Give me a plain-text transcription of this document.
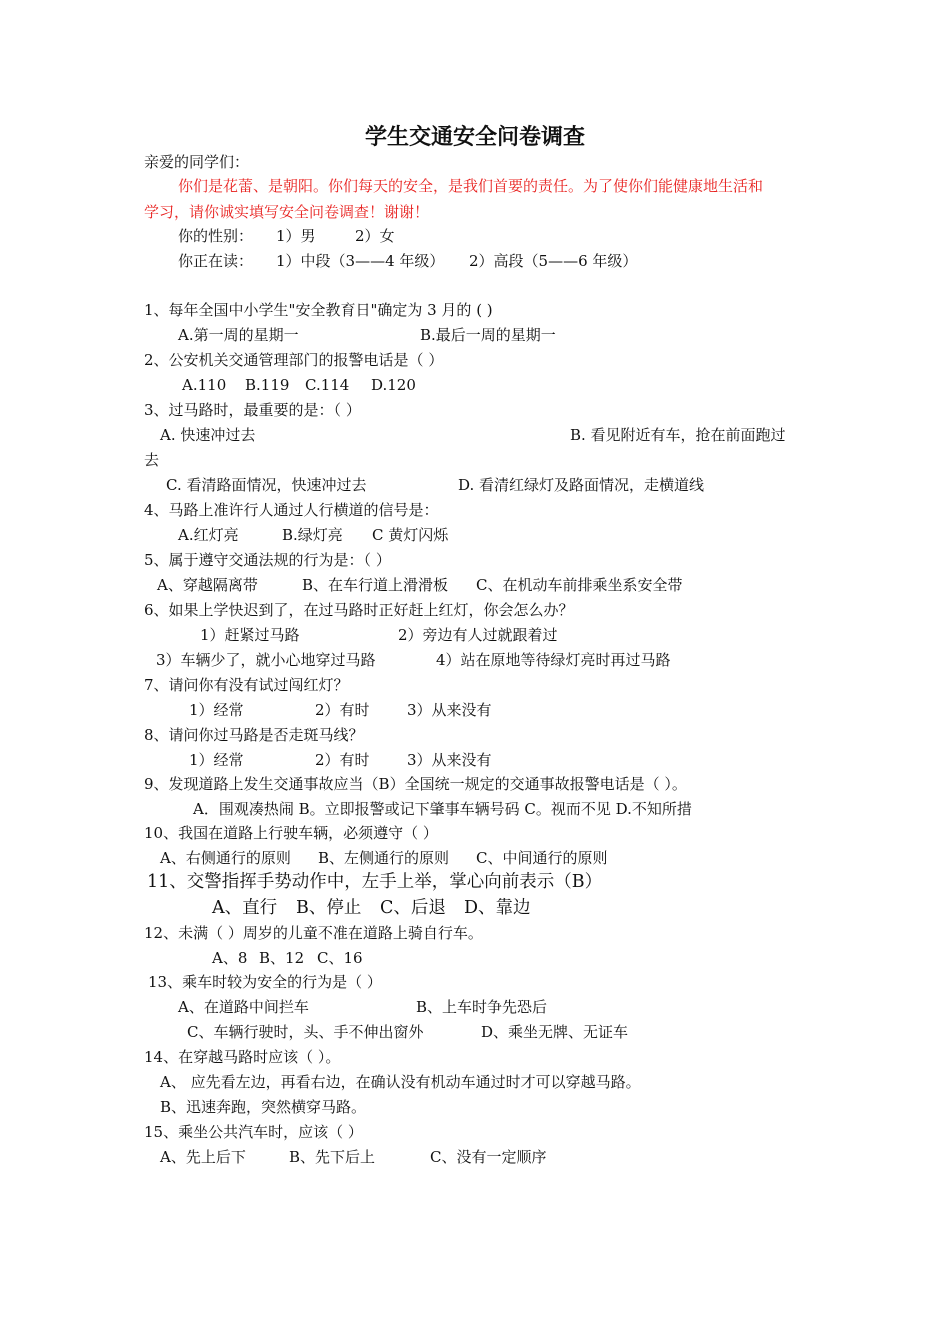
学生交通安全问卷调查
亲爱的同学们：
你们是花蕾、是朝阳。你们每天的安全，是我们首要的责任。为了使你们能健康地生活和
学习，请你诚实填写安全问卷调查！谢谢！
你的性别： 1）男	2）女
你正在读： 1）中段（3——4 年级） 2）高段（5——6 年级）
1、每年全国中小学生"安全教育日"确定为 3 月的 ( )
A.第一周的星期一	B.最后一周的星期一
2、公安机关交通管理部门的报警电话是（ ）
A.110 B.119 C.114 D.120
3、过马路时，最重要的是：（ ）
A. 快速冲过去	B. 看见附近有车，抢在前面跑过
去
C. 看清路面情况，快速冲过去	D. 看清红绿灯及路面情况，走横道线
4、马路上准许行人通过人行横道的信号是：
A.红灯亮	B.绿灯亮 C 黄灯闪烁
5、属于遵守交通法规的行为是：（ ）
A、穿越隔离带	B、在车行道上滑滑板 C、在机动车前排乘坐系安全带
6、如果上学快迟到了，在过马路时正好赶上红灯，你会怎么办？
1）赶紧过马路	2）旁边有人过就跟着过
3）车辆少了，就小心地穿过马路	4）站在原地等待绿灯亮时再过马路
7、请问你有没有试过闯红灯？
1）经常	2）有时 3）从来没有
8、请问你过马路是否走斑马线？
1）经常	2）有时 3）从来没有
9、发现道路上发生交通事故应当（B）全国统一规定的交通事故报警电话是（ ）。
A．围观凑热闹 B。立即报警或记下肇事车辆号码 C。视而不见 D.不知所措
10、我国在道路上行驶车辆，必须遵守（ ）
A、右侧通行的原则 B、左侧通行的原则 C、中间通行的原则
11、交警指挥手势动作中，左手上举，掌心向前表示（B）
A、直行 B、停止 C、后退 D、靠边
12、未满（ ）周岁的儿童不准在道路上骑自行车。
A、8 B、12 C、16
13、乘车时较为安全的行为是（ ）
A、在道路中间拦车	B、上车时争先恐后
C、车辆行驶时，头、手不伸出窗外	D、乘坐无牌、无证车
14、在穿越马路时应该（ ）。
A、 应先看左边，再看右边，在确认没有机动车通过时才可以穿越马路。
B、迅速奔跑，突然横穿马路。
15、乘坐公共汽车时，应该（ ）
A、先上后下	B、先下后上	C、没有一定顺序
